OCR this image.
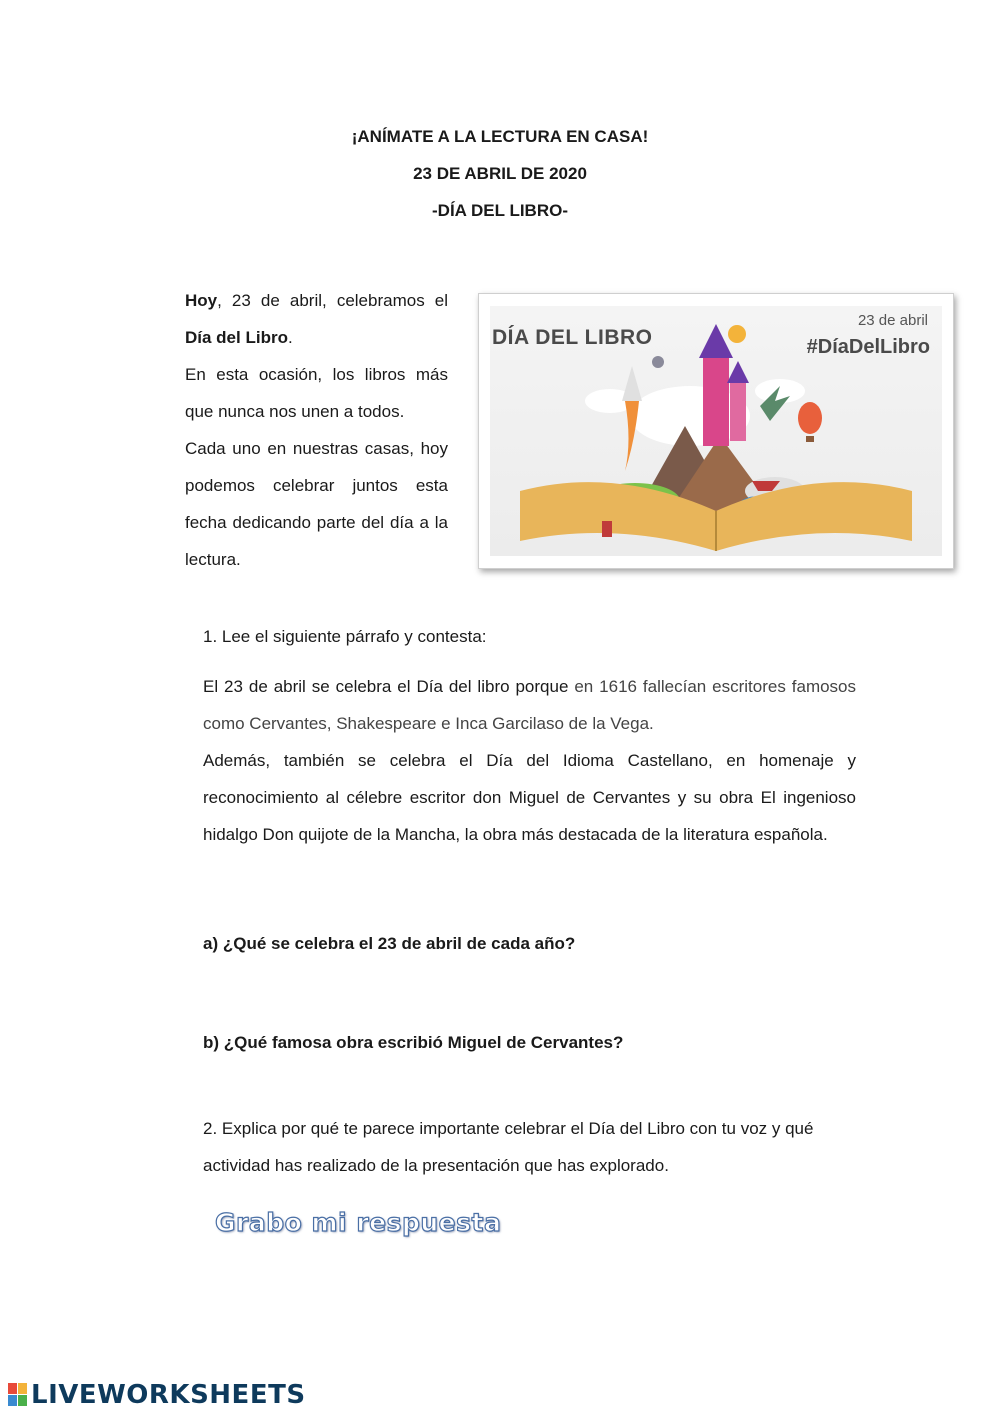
¡ANÍMATE A LA LECTURA EN CASA!
23 DE ABRIL DE 2020
-DÍA DEL LIBRO-

Hoy, 23 de abril, celebramos el Día del Libro.

En esta ocasión, los libros más que nunca nos unen a todos.

Cada uno en nuestras casas, hoy podemos celebrar juntos esta fecha dedicando parte del día a la lectura.

DÍA DEL LIBRO
23 de abril
#DíaDelLibro
1. Lee el siguiente párrafo y contesta:

El 23 de abril se celebra el Día del libro porque en 1616 fallecían escritores famosos como Cervantes, Shakespeare e Inca Garcilaso de la Vega.

Además, también se celebra el Día del Idioma Castellano, en homenaje y reconocimiento al célebre escritor don Miguel de Cervantes y su obra El ingenioso hidalgo Don quijote de la Mancha, la obra más destacada de la literatura española.

a) ¿Qué se celebra el 23 de abril de cada año?
b) ¿Qué famosa obra escribió Miguel de Cervantes?
2. Explica por qué te parece importante celebrar el Día del Libro con tu voz y qué actividad has realizado de la presentación que has explorado.
Grabo mi respuesta
LIVEWORKSHEETS
